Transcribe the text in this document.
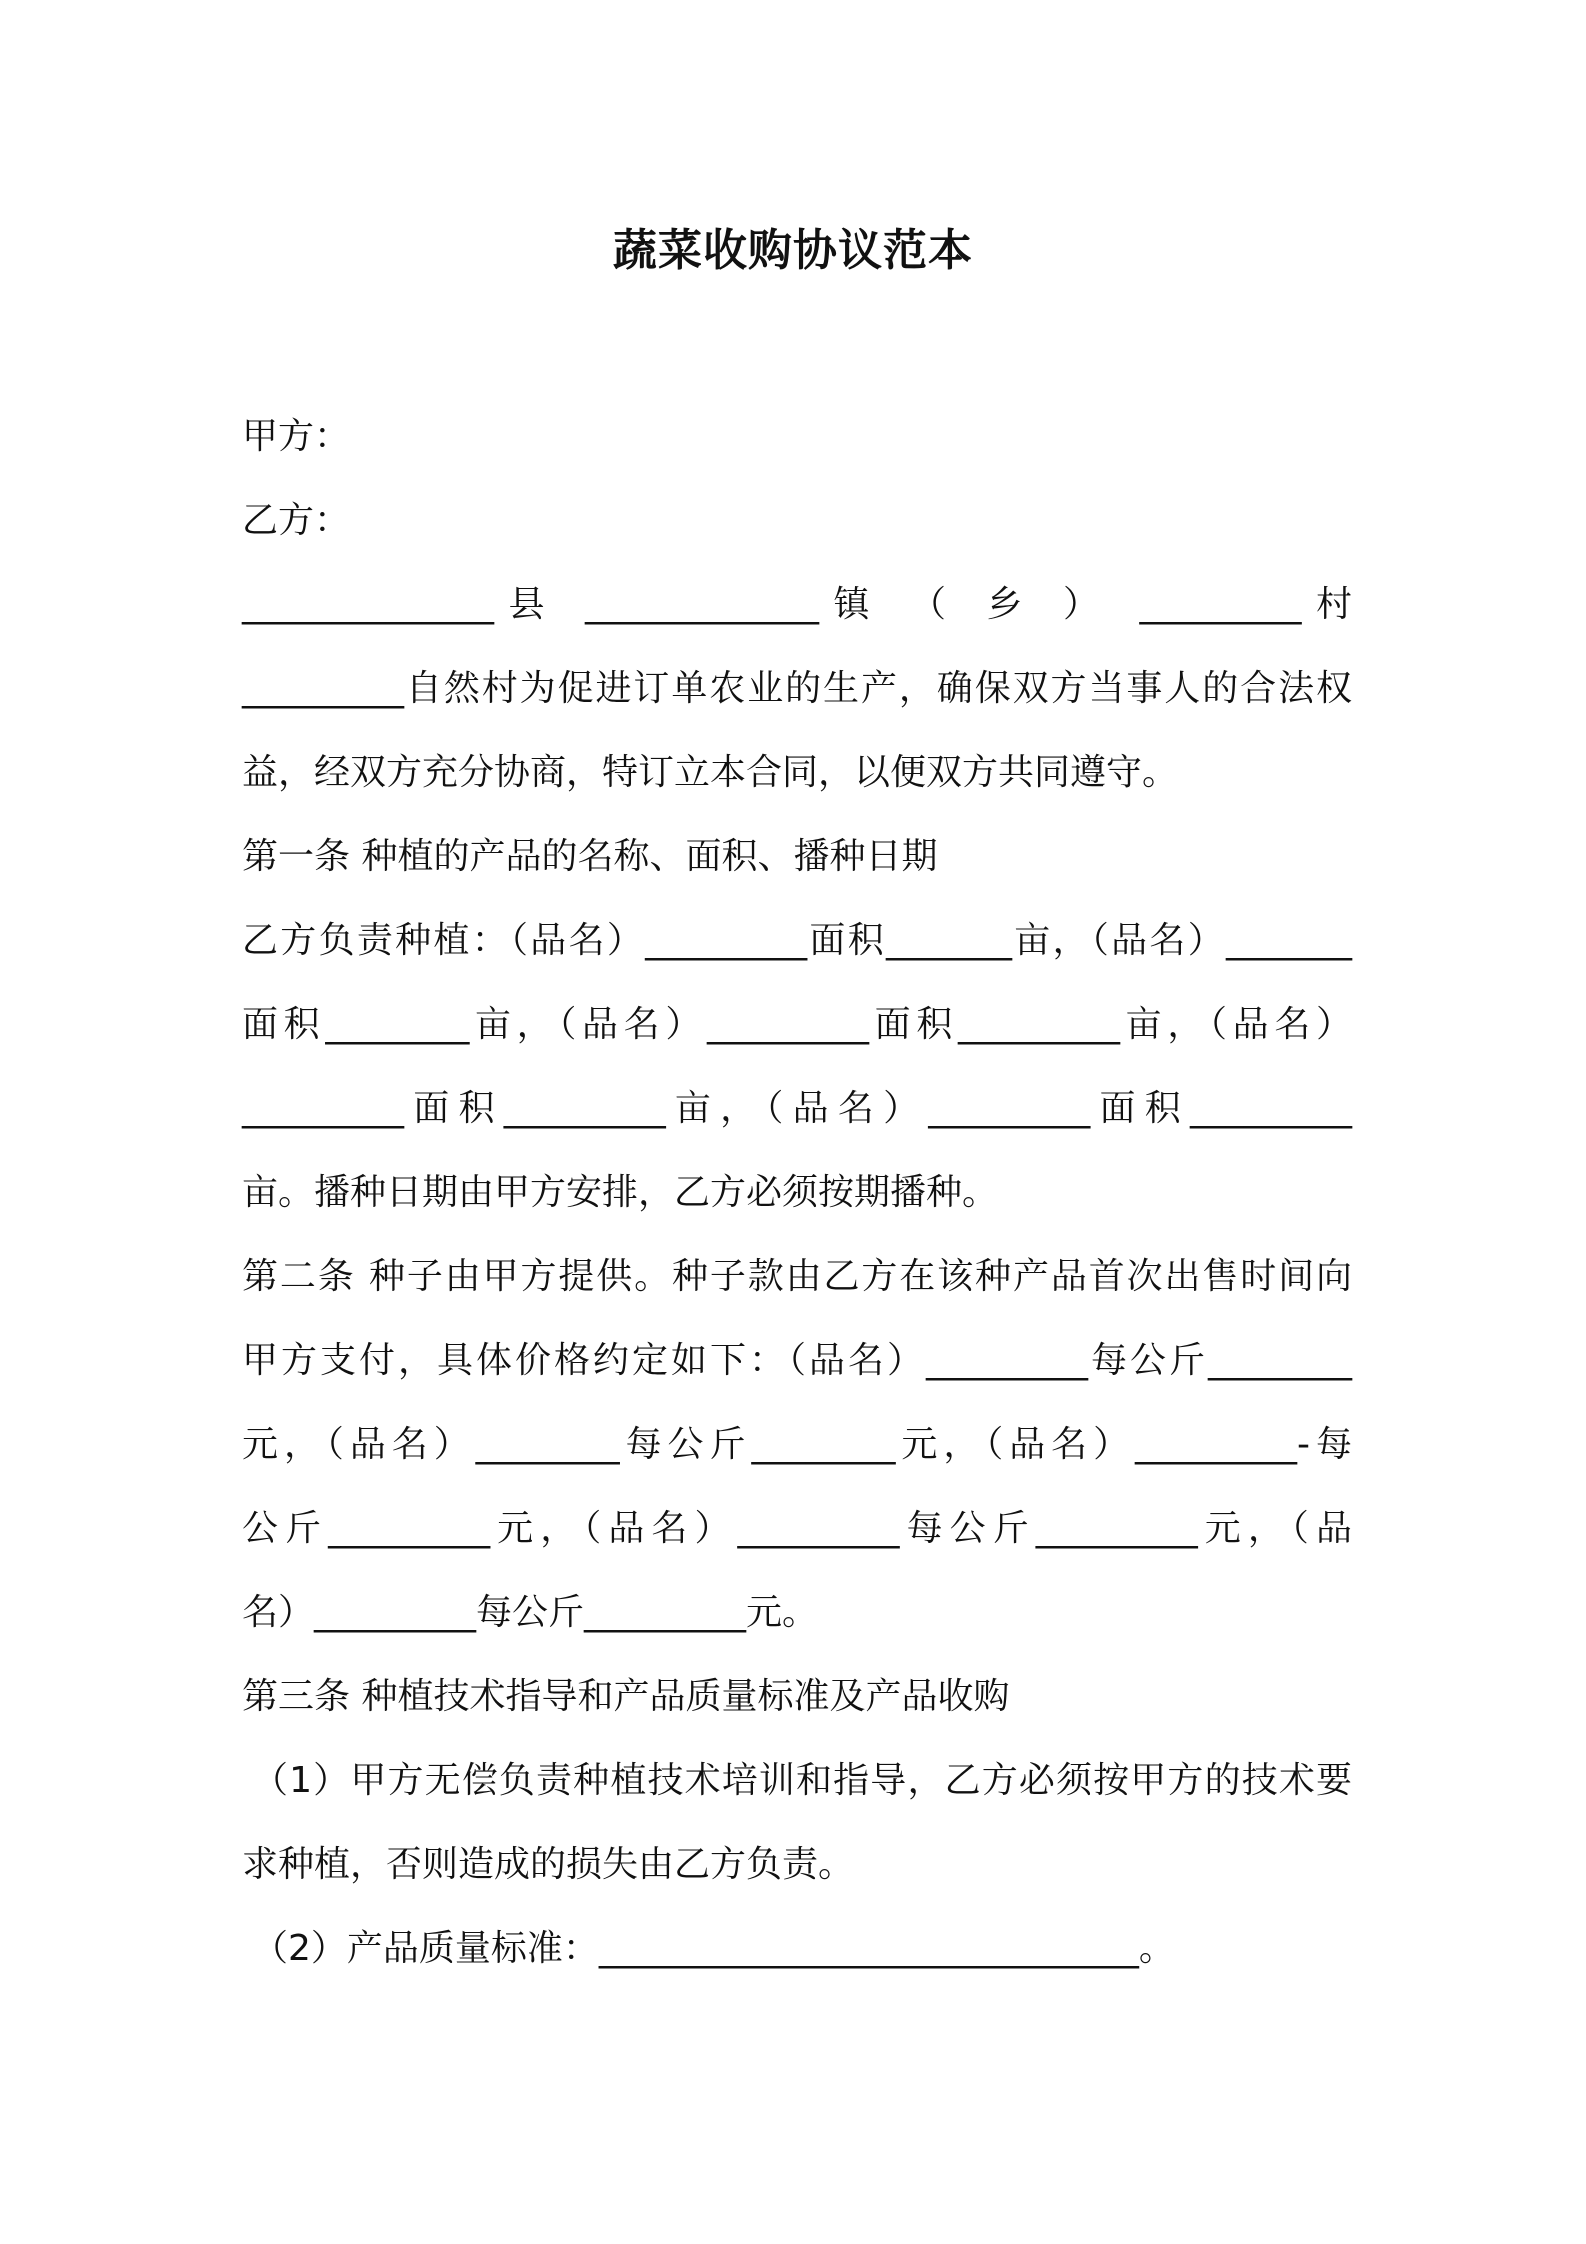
蔬菜收购协议范本
甲方：
乙方：
______________县 _____________镇 （ 乡 ） _________村
_________自然村为促进订单农业的生产，确保双方当事人的合法权
益，经双方充分协商，特订立本合同，以便双方共同遵守。
第一条 种植的产品的名称、面积、播种日期
乙方负责种植：（品名）_________面积_______亩，（品名）_______
面积________亩，（品名）_________面积_________亩，（品名）
_________面积_________亩，（品名）_________面积_________
亩。播种日期由甲方安排，乙方必须按期播种。
第二条 种子由甲方提供。种子款由乙方在该种产品首次出售时间向
甲方支付，具体价格约定如下：（品名）_________每公斤________
元，（品名）________每公斤________元，（品名）_________-每
公斤_________元，（品名）_________每公斤_________元，（品
名）_________每公斤_________元。
第三条 种植技术指导和产品质量标准及产品收购
（1）甲方无偿负责种植技术培训和指导，乙方必须按甲方的技术要
求种植，否则造成的损失由乙方负责。
（2）产品质量标准：______________________________。
